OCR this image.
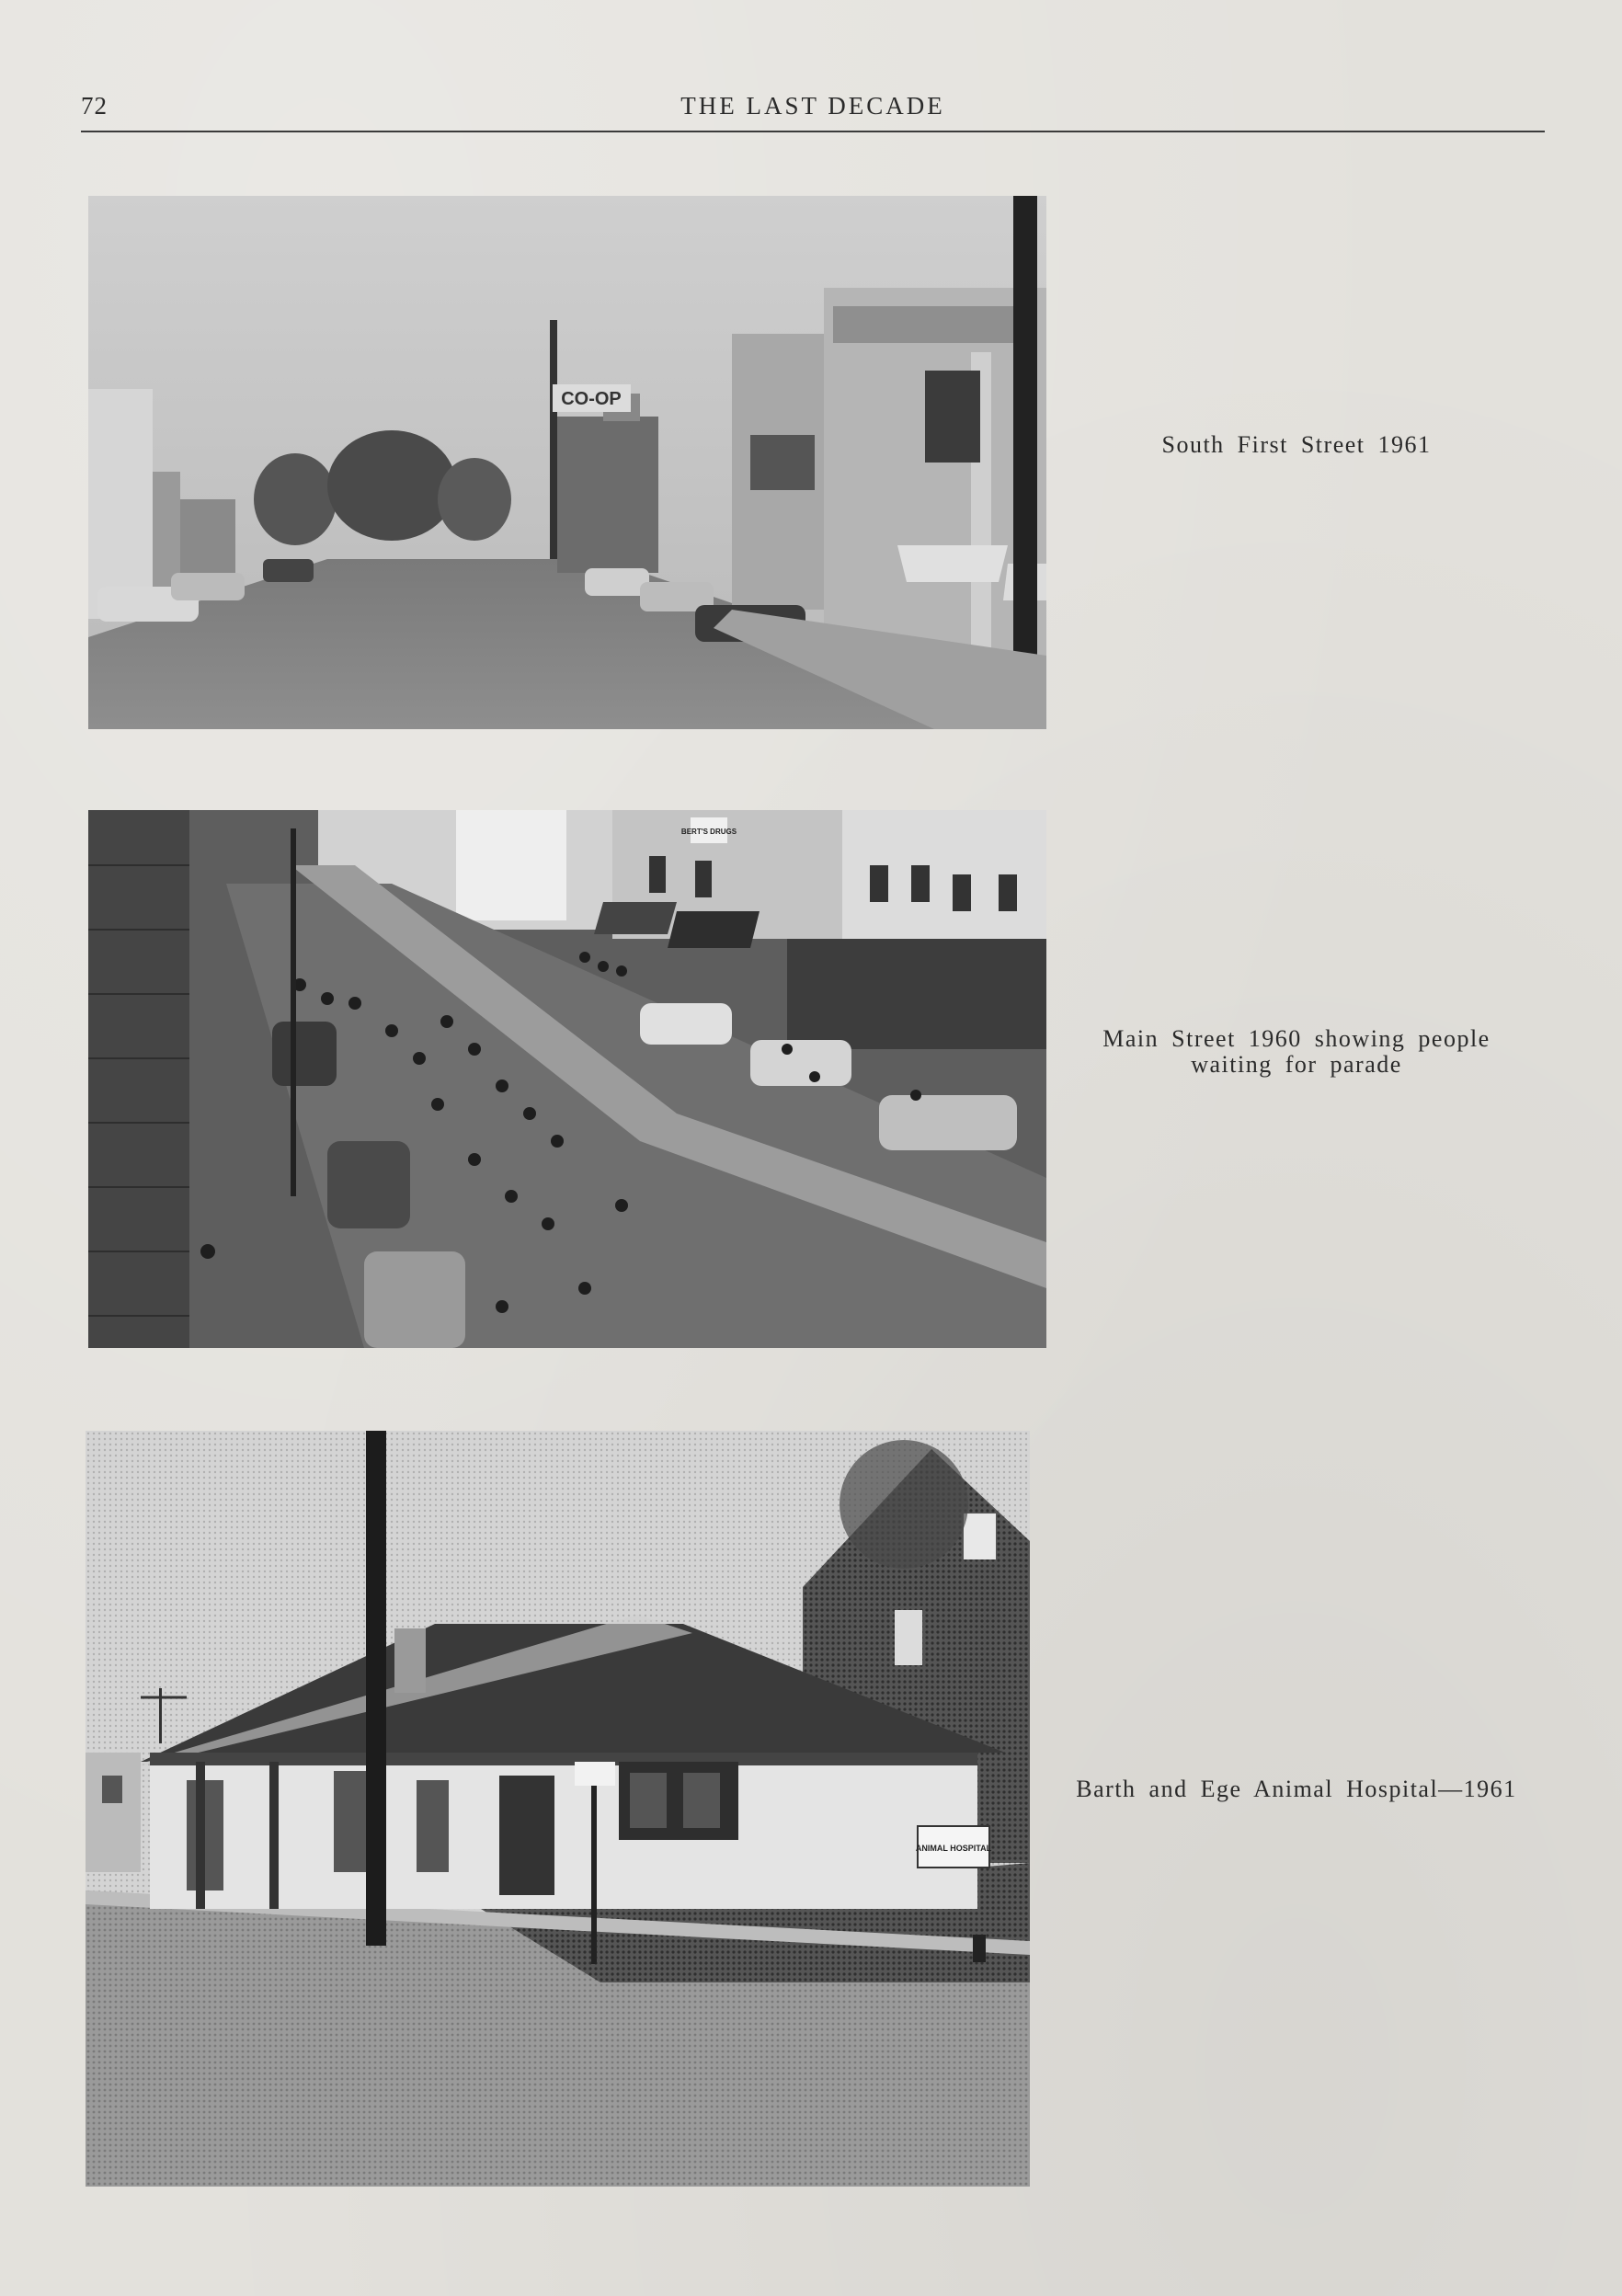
72	THE LAST DECADE
CO-OP
South First Street 1961
BERT'S DRUGS
Main Street 1960 showing people
waiting for parade
ANIMAL HOSPITAL
Barth and Ege Animal Hospital—1961
